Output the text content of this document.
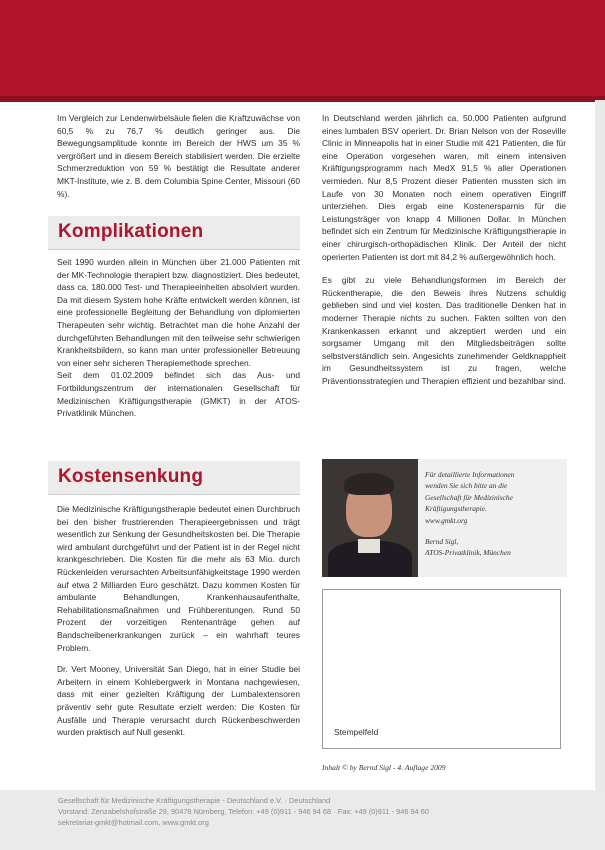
Im Vergleich zur Lendenwirbelsäule fielen die Kraftzuwächse von 60,5 % zu 76,7 % deutlich geringer aus. Die Bewegungsamplitude konnte im Bereich der HWS um 35 % vergrößert und in diesem Bereich stabilisiert werden. Die erzielte Schmerzreduktion von 59 % bestätigt die Resultate anderer MKT-Institute, wie z. B. dem Columbia Spine Center, Missouri (60 %).

Komplikationen

Seit 1990 wurden allein in München über 21.000 Patienten mit der MK-Technologie therapiert bzw. diagnostiziert. Dies bedeutet, dass ca. 180.000 Test- und Therapieeinheiten absolviert wurden. Da mit diesem System hohe Kräfte entwickelt werden können, ist eine professionelle Begleitung der Behandlung von diplomierten Therapeuten sehr wichtig. Betrachtet man die hohe Anzahl der durchgeführten Behandlungen mit den teilweise sehr schwierigen Krankheitsbildern, so kann man unter professioneller Betreuung von einer sehr sicheren Therapiemethode sprechen.

Seit dem 01.02.2009 befindet sich das Aus- und Fortbildungszentrum der internationalen Gesellschaft für Medizinischen Kräftigungstherapie (GMKT) in der ATOS-Privatklinik München.

Kostensenkung

Die Medizinische Kräftigungstherapie bedeutet einen Durchbruch bei den bisher frustrierenden Therapieergebnissen und trägt wesentlich zur Senkung der Gesundheitskosten bei. Die Therapie wird ambulant durchgeführt und der Patient ist in der Regel nicht krankgeschrieben. Die Kosten für die mehr als 63 Mio. durch Rückenleiden verursachten Arbeitsunfähigkeitstage 1990 werden auf etwa 2 Milliarden Euro geschätzt. Dazu kommen Kosten für ambulante Behandlungen, Krankenhausaufenthalte, Rehabilitationsmaßnahmen und Frühberentungen. Rund 50 Prozent der vorzeitigen Rentenanträge gehen auf Bandscheibenerkrankungen zurück – ein wahrhaft teures Problem.

Dr. Vert Mooney, Universität San Diego, hat in einer Studie bei Arbeitern in einem Kohlebergwerk in Montana nachgewiesen, dass mit einer gezielten Kräftigung der Lumbalextensoren präventiv sehr gute Resultate erzielt werden: Die Kosten für Ausfälle und Therapie verursacht durch Rückenbeschwerden wurden praktisch auf Null gesenkt.

In Deutschland werden jährlich ca. 50.000 Patienten aufgrund eines lumbalen BSV operiert. Dr. Brian Nelson von der Roseville Clinic in Minneapolis hat in einer Studie mit 421 Patienten, die für eine Operation vorgesehen waren, mit einem intensiven Kräftigungsprogramm nach MedX 91,5 % aller Operationen vermieden. Nur 8,5 Prozent dieser Patienten mussten sich im Laufe von 30 Monaten noch einem operativen Eingriff unterziehen. Dies ergab eine Kostenersparnis für die Leistungsträger von knapp 4 Millionen Dollar. In München befindet sich ein Zentrum für Medizinische Kräftigungstherapie in einer chirurgisch-orthopädischen Klinik. Der Anteil der nicht operierten Patienten ist dort mit 84,2 % außergewöhnlich hoch.

Es gibt zu viele Behandlungsformen im Bereich der Rückentherapie, die den Beweis ihres Nutzens schuldig geblieben sind und viel kosten. Das traditionelle Denken hat in moderner Therapie nichts zu suchen. Fakten sollten von den Krankenkassen erkannt und akzeptiert werden und ein sorgsamer Umgang mit den Mitgliedsbeiträgen sollte selbstverständlich sein. Angesichts zunehmender Geldknappheit im Gesundheitssystem ist zu fragen, welche Präventionsstrategien und Therapien effizient und bezahlbar sind.

Für detaillierte Informationen
wenden Sie sich bitte an die
Gesellschaft für Medizinische
Kräftigungstherapie.
www.gmkt.org
Bernd Sigl,
ATOS-Privatklinik, München
Stempelfeld
Inhalt © by Bernd Sigl - 4. Auflage 2009
Gesellschaft für Medizinische Kräftigungstherapie - Deutschland e.V. · Deutschland
Vorstand: Zenzabelshofstraße 29, 90478 Nürnberg, Telefon: +49 (0)911 - 946 94 68 · Fax: +49 (0)911 - 946 94 60
sekretariat-gmkt@hotmail.com, www.gmkt.org
